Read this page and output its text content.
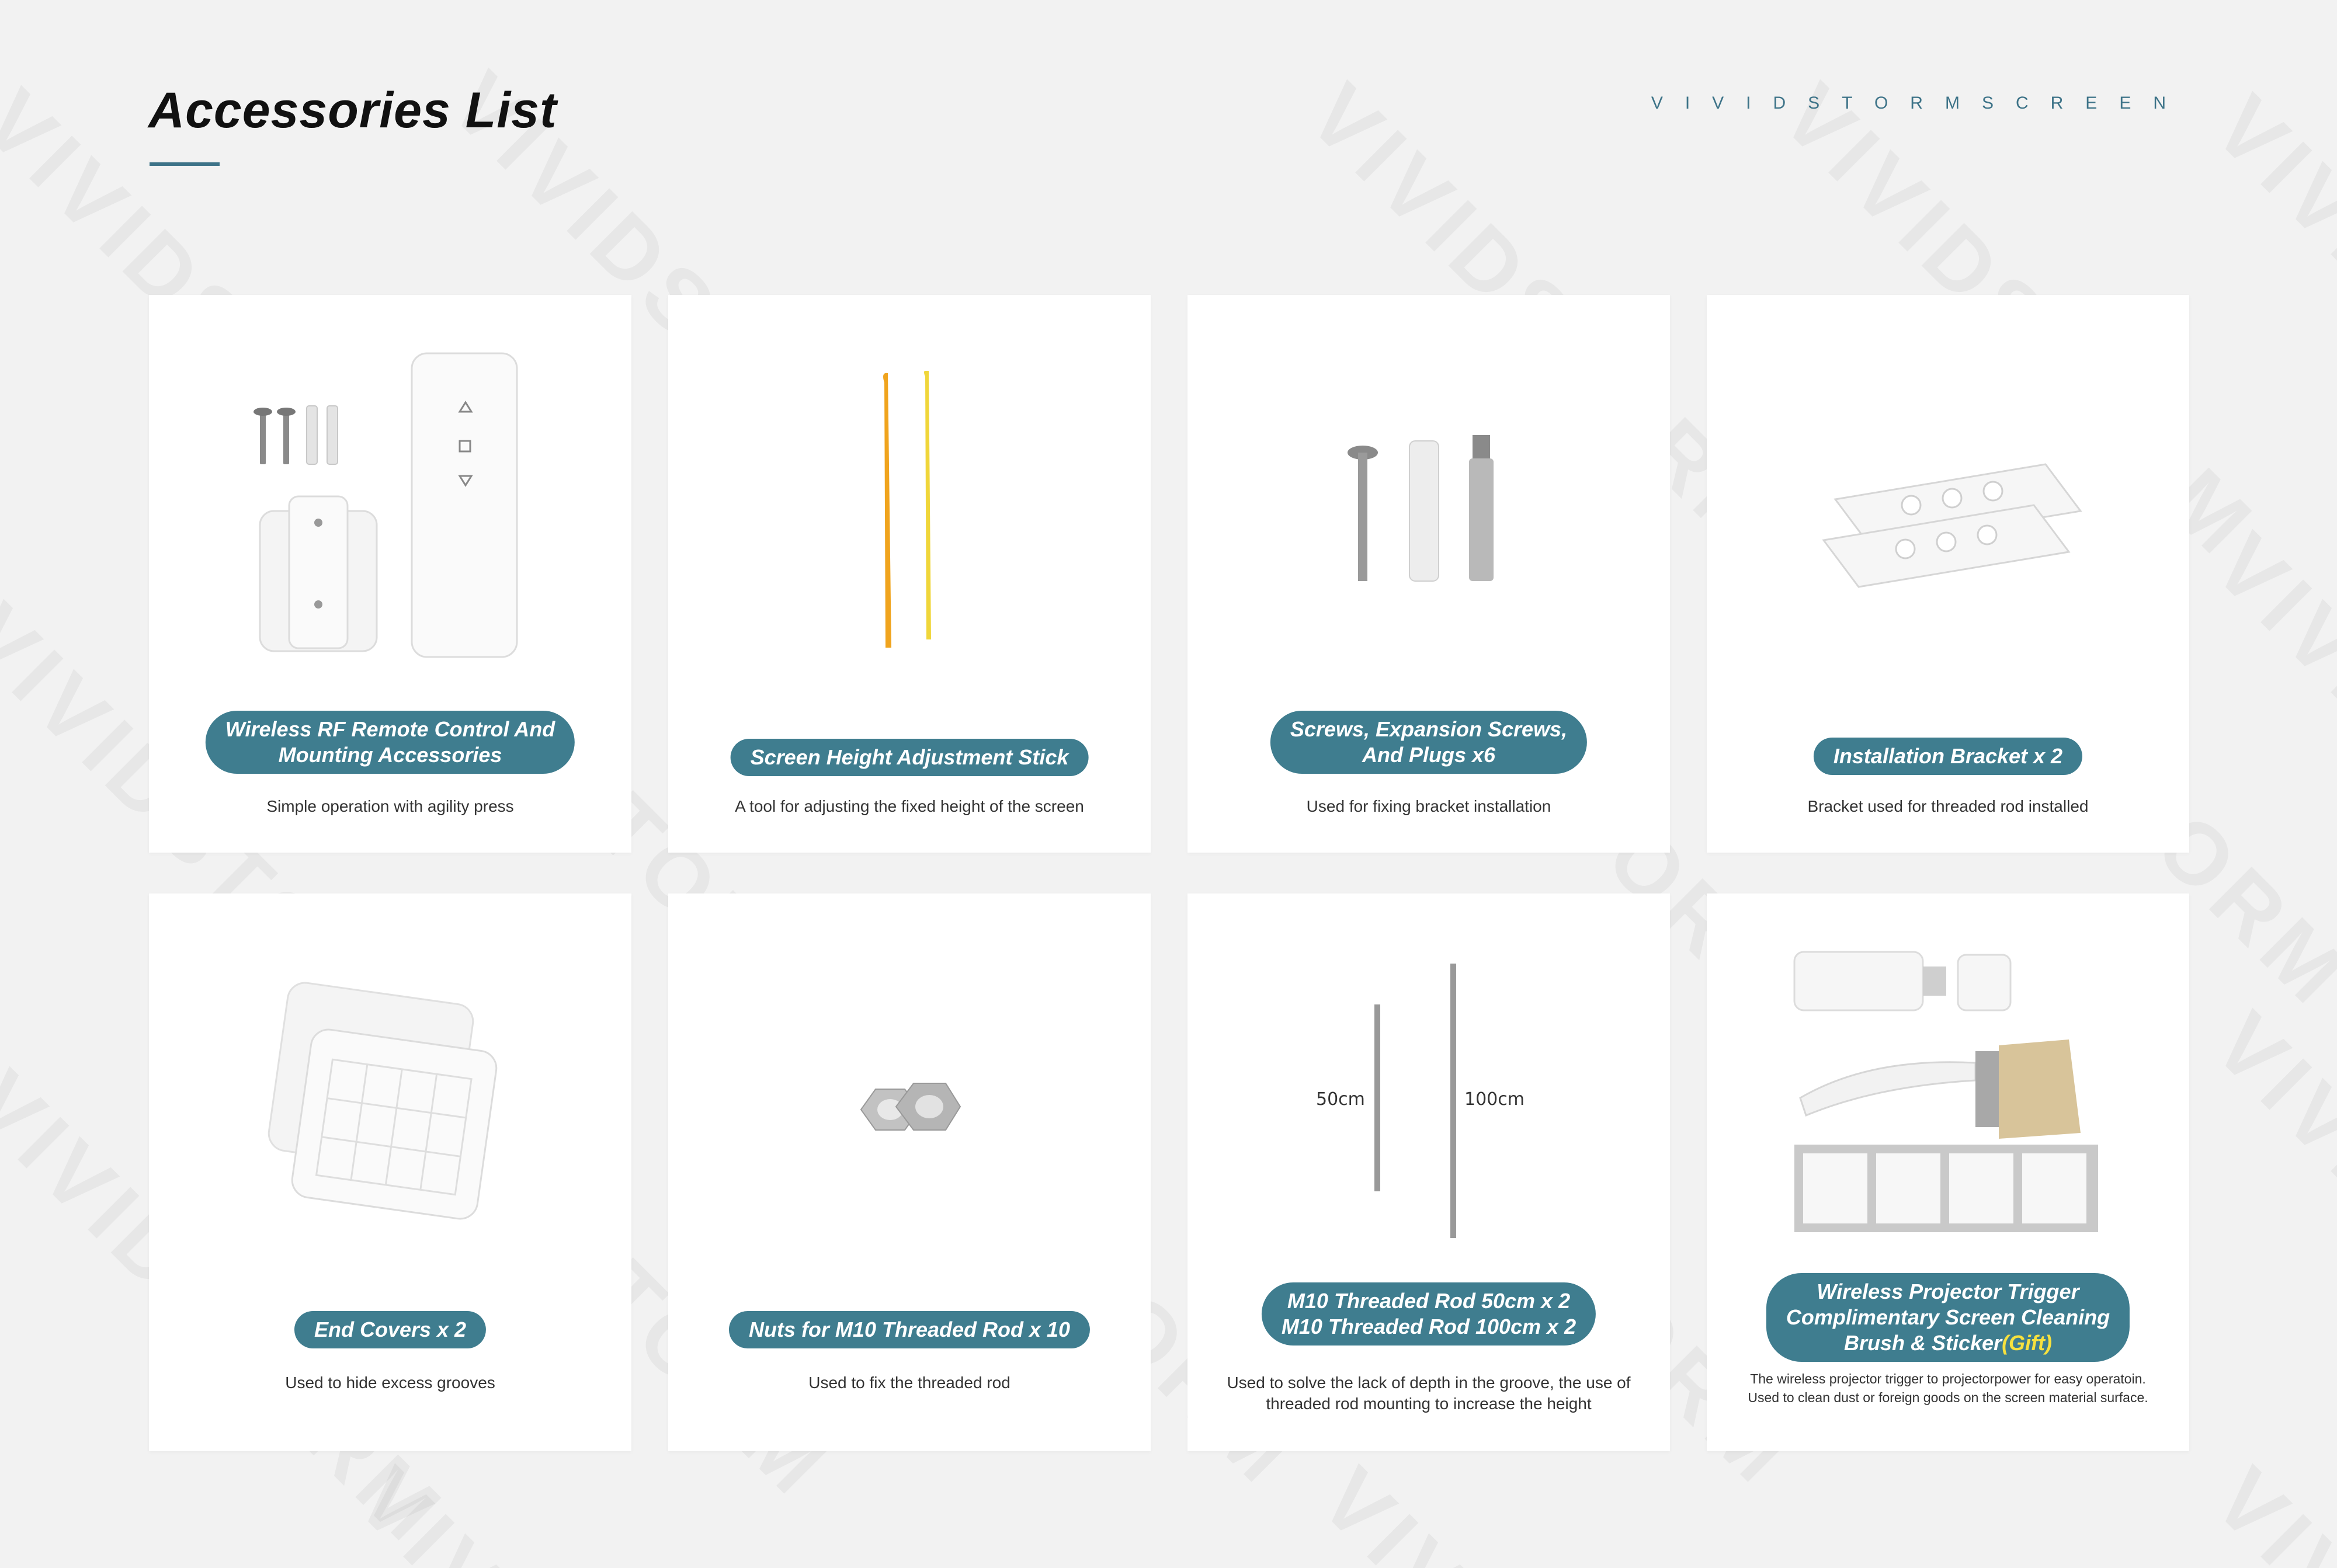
Accessories List	VIVIDSTORMSCREEN
Wireless RF Remote Control And
Mounting Accessories
Simple operation with agility press
Screen Height Adjustment Stick
A tool for adjusting the fixed height of the screen
Screws, Expansion Screws,
And Plugs x6
Used for fixing bracket installation
Installation Bracket x 2
Bracket used for threaded rod installed
End Covers x 2
Used to hide excess grooves
Nuts for M10 Threaded Rod x 10
Used to fix the threaded rod
50cm	100cm
M10 Threaded Rod 50cm x 2
M10 Threaded Rod 100cm x 2
Used to solve the lack of depth in the groove, the use of threaded rod mounting to increase the height
Wireless Projector Trigger
Complimentary Screen Cleaning
Brush & Sticker(Gift)
The wireless projector trigger to projectorpower for easy operatoin.
Used to clean dust or foreign goods on the screen material surface.
